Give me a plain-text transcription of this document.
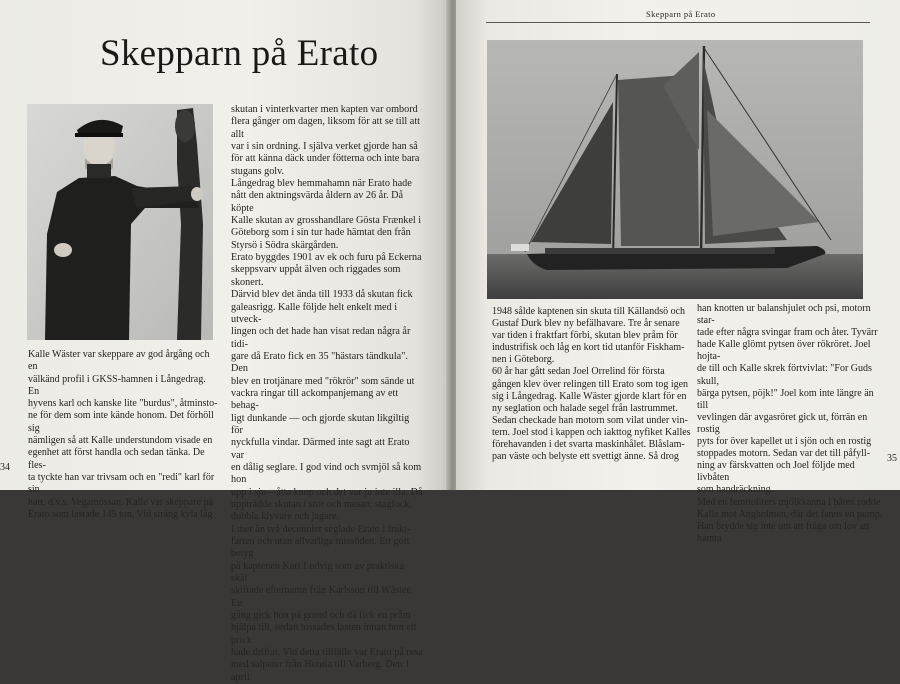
Skepparn på Erato

Kalle Wäster var skeppare av god årgång och en
välkänd profil i GKSS-hamnen i Långedrag. En
hyvens karl och kanske lite "burdus", åtminsto-
ne för dem som inte kände honom. Det förhöll sig
nämligen så att Kalle understundom visade en
egenhet att först handla och sedan tänka. De fles-
ta tyckte han var trivsam och en "redi" karl för sin
hatt, d.v.s. Vegamössan. Kalle var skeppare på
Erato som lastade 145 ton. Vid sträng kyla låg

skutan i vinterkvarter men kapten var ombord
flera gånger om dagen, liksom för att se till att allt
var i sin ordning. I själva verket gjorde han så
för att känna däck under fötterna och inte bara
stugans golv.
Långedrag blev hemmahamn när Erato hade
nått den aktningsvärda åldern av 26 år. Då köpte
Kalle skutan av grosshandlare Gösta Frænkel i
Göteborg som i sin tur hade hämtat den från
Styrsö i Södra skärgården.
Erato byggdes 1901 av ek och furu på Eckerna
skeppsvarv uppåt älven och riggades som skonert.
Därvid blev det ända till 1933 då skutan fick
galeasrigg. Kalle följde helt enkelt med i utveck-
lingen och det hade han visat redan några år tidi-
gare då Erato fick en 35 "hästars tändkula". Den
blev en trotjänare med "rökrör" som sände ut
vackra ringar till ackompanjemang av ett behag-
ligt dunkande — och gjorde skutan likgiltig för
nyckfulla vindar. Därmed inte sagt att Erato var
en dålig seglare. I god vind och svmjöl så kom hon
upp i sju—åtta knop och det var ju inte illa. Då
uppträdde skutan i stor och mesan, stagfock,
dubbla klyvare och jagare.
I mer än två decennier seglade Erato i frakt-
farten och utan allvarliga missöden. Ett gott betyg
på kaptenen Karl Ludvig som av praktiska skäl
skiftade efternamn från Karlsson till Wäster. En
gång gick hon på grund och då fick en pråm
hjälpa till, sedan lossades lasten innan hon ett prick
hade driftat. Vid detta tillfälle var Erato på resa
med salpeter från Herøia till Varberg. Den 1 april

34
Skepparn på Erato

1948 sålde kaptenen sin skuta till Källandsö och
Gustaf Durk blev ny befälhavare. Tre år senare
var tiden i fraktfart förbi, skutan blev pråm för
industrifisk och låg en kort tid utanför Fiskham-
nen i Göteborg.
60 år har gått sedan Joel Orrelind för första
gången klev över relingen till Erato som tog igen
sig i Långedrag. Kalle Wäster gjorde klart för en
ny seglation och halade segel från lastrummet.
Sedan checkade han motorn som vilat under vin-
tern. Joel stod i kappen och iakttog nyfiket Kalles
förehavanden i det svarta maskinhålet. Blåslam-
pan väste och belyste ett svettigt änne. Så drog

han knotten ur balanshjulet och psi, motorn star-
tade efter några svingar fram och åter. Tyvärr
hade Kalle glömt pytsen över rökröret. Joel hojta-
de till och Kalle skrek förtvivlat: "For Guds skull,
bärga pytsen, pöjk!" Joel kom inte längre än till
vevlingen där avgasröret gick ut, förrän en rostig
pyts for över kapellet ut i sjön och en rostig
stoppades motorn. Sedan var det till påfyll-
ning av färskvatten och Joel följde med livbåten
som handräckning.
Med en femtioliters mjölkkanna i båten rodde
Kalle mot Angholmen, där det fanns en pump.
Han brydde sig inte om att fråga om lov att hämta

35
